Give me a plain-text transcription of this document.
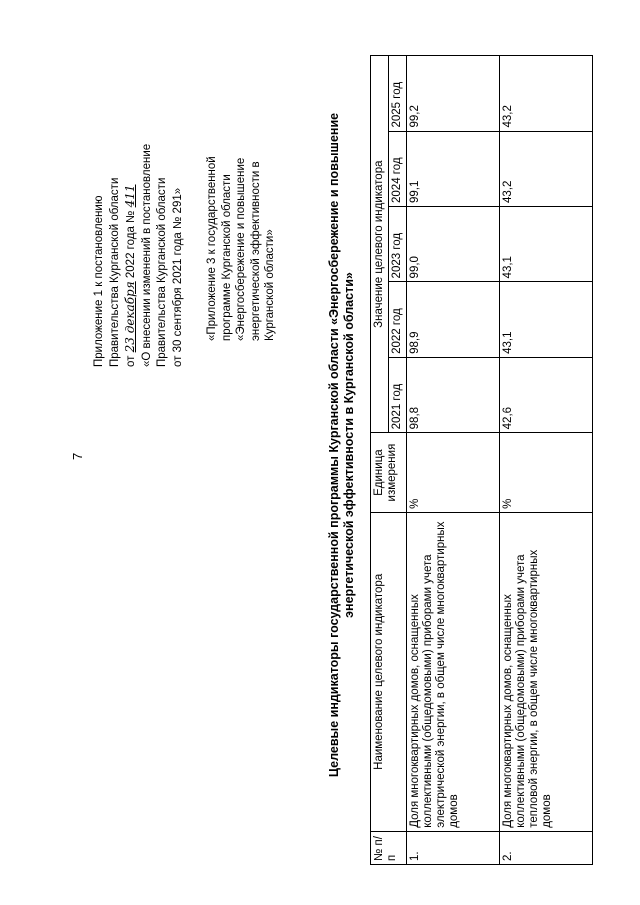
7
Приложение 1 к постановлению Правительства Курганской области от 23 декабря 2022 года № 411 «О внесении изменений в постановление Правительства Курганской области от 30 сентября 2021 года № 291» «Приложение 3 к государственной программе Курганской области «Энергосбережение и повышение энергетической эффективности в Курганской области»	Целевые индикаторы государственной программы Курганской области «Энергосбережение и повышение энергетической эффективности в Курганской области»
№ п/п	Наименование целевого индикатора	Единица измерения	Значение целевого индикатора				
			2021 год	2022 год	2023 год	2024 год	2025 год
1.	Доля многоквартирных домов, оснащенных коллективными (общедомовыми) приборами учета электрической энергии, в общем числе многоквартирных домов	%	98,8	98,9	99,0	99,1	99,2
2.	Доля многоквартирных домов, оснащенных коллективными (общедомовыми) приборами учета тепловой энергии, в общем числе многоквартирных домов	%	42,6	43,1	43,1	43,2	43,2
